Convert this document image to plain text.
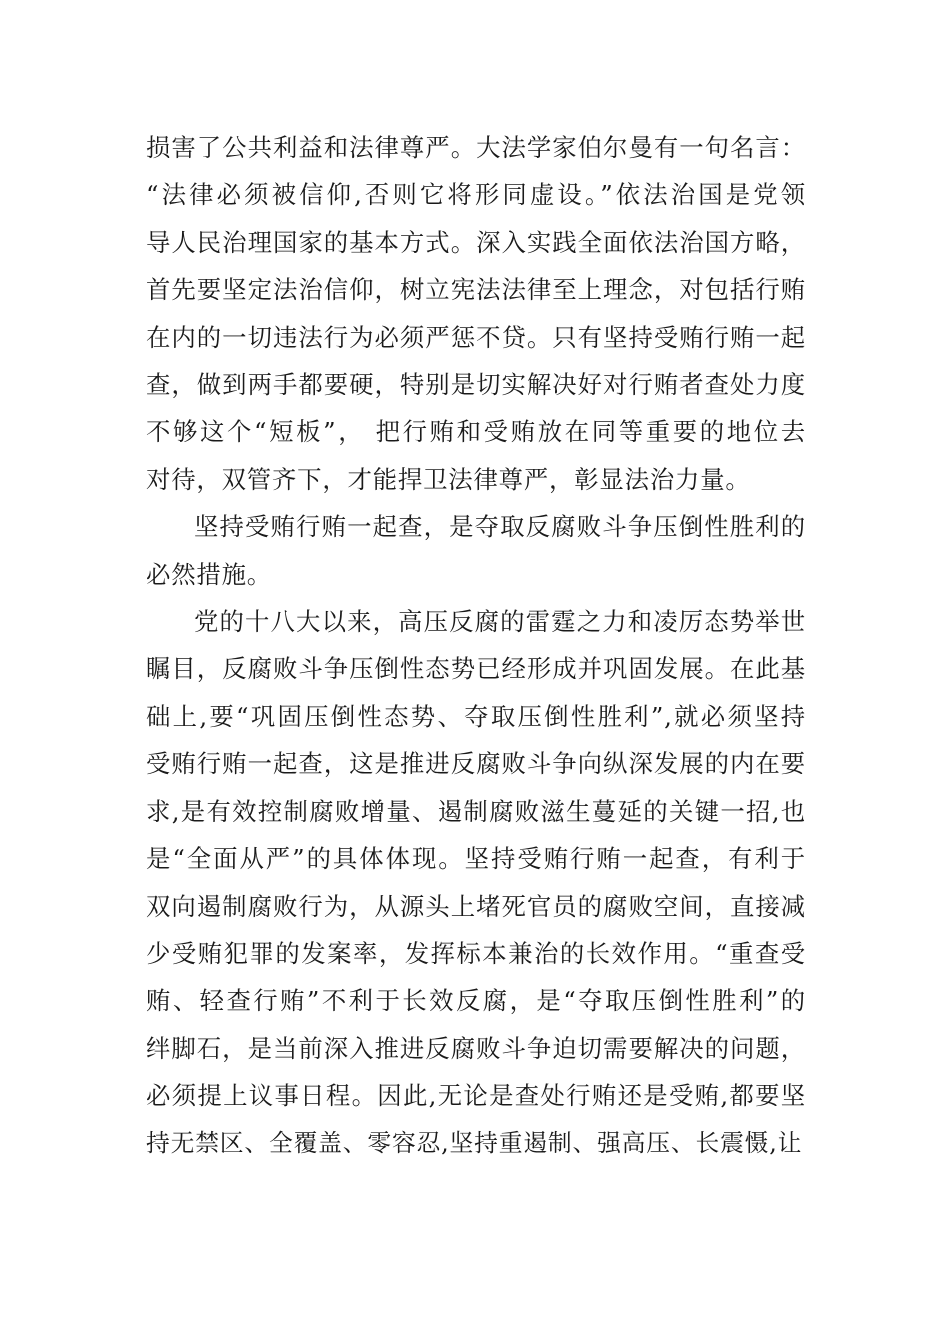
损害了公共利益和法律尊严。大法学家伯尔曼有一句名言：
“法律必须被信仰,否则它将形同虚设。”依法治国是党领
导人民治理国家的基本方式。深入实践全面依法治国方略，
首先要坚定法治信仰，树立宪法法律至上理念，对包括行贿
在内的一切违法行为必须严惩不贷。只有坚持受贿行贿一起
查，做到两手都要硬，特别是切实解决好对行贿者查处力度
不够这个“短板”， 把行贿和受贿放在同等重要的地位去
对待，双管齐下，才能捍卫法律尊严，彰显法治力量。
坚持受贿行贿一起查，是夺取反腐败斗争压倒性胜利的
必然措施。
党的十八大以来，高压反腐的雷霆之力和凌厉态势举世
瞩目，反腐败斗争压倒性态势已经形成并巩固发展。在此基
础上,要“巩固压倒性态势、夺取压倒性胜利”,就必须坚持
受贿行贿一起查，这是推进反腐败斗争向纵深发展的内在要
求,是有效控制腐败增量、遏制腐败滋生蔓延的关键一招,也
是“全面从严”的具体体现。坚持受贿行贿一起查，有利于
双向遏制腐败行为，从源头上堵死官员的腐败空间，直接减
少受贿犯罪的发案率，发挥标本兼治的长效作用。“重查受
贿、轻查行贿”不利于长效反腐，是“夺取压倒性胜利”的
绊脚石，是当前深入推进反腐败斗争迫切需要解决的问题，
必须提上议事日程。因此,无论是查处行贿还是受贿,都要坚
持无禁区、全覆盖、零容忍,坚持重遏制、强高压、长震慑,让
